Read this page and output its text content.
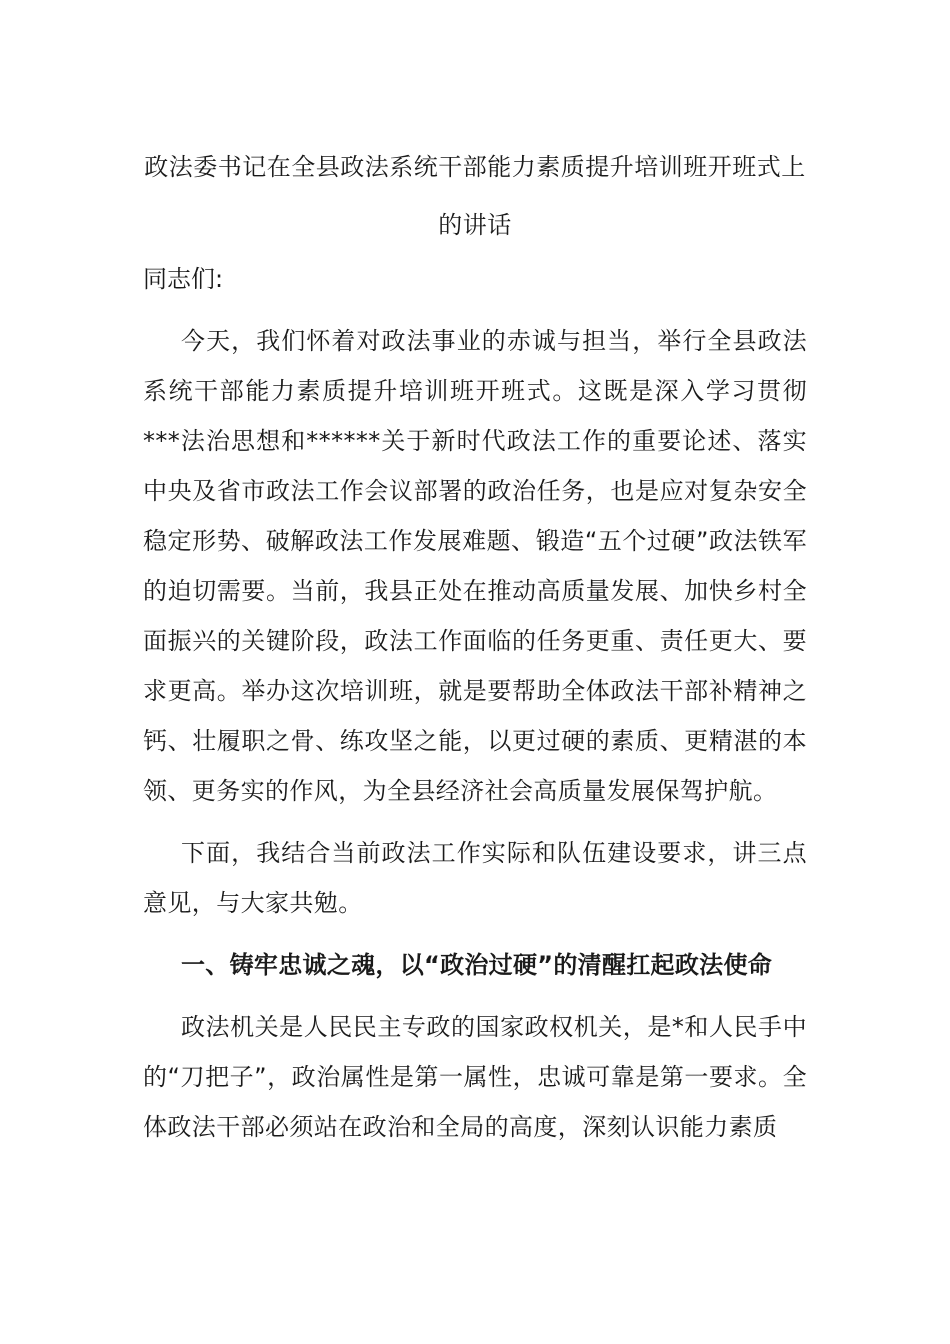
政法委书记在全县政法系统干部能力素质提升培训班开班式上
的讲话

同志们:

今天，我们怀着对政法事业的赤诚与担当，举行全县政法系统干部能力素质提升培训班开班式。这既是深入学习贯彻***法治思想和******关于新时代政法工作的重要论述、落实中央及省市政法工作会议部署的政治任务，也是应对复杂安全稳定形势、破解政法工作发展难题、锻造“五个过硬”政法铁军的迫切需要。当前，我县正处在推动高质量发展、加快乡村全面振兴的关键阶段，政法工作面临的任务更重、责任更大、要求更高。举办这次培训班，就是要帮助全体政法干部补精神之钙、壮履职之骨、练攻坚之能，以更过硬的素质、更精湛的本领、更务实的作风，为全县经济社会高质量发展保驾护航。

下面，我结合当前政法工作实际和队伍建设要求，讲三点意见，与大家共勉。

一、铸牢忠诚之魂，以“政治过硬”的清醒扛起政法使命

政法机关是人民民主专政的国家政权机关，是*和人民手中的“刀把子”，政治属性是第一属性，忠诚可靠是第一要求。全体政法干部必须站在政治和全局的高度，深刻认识能力素质
